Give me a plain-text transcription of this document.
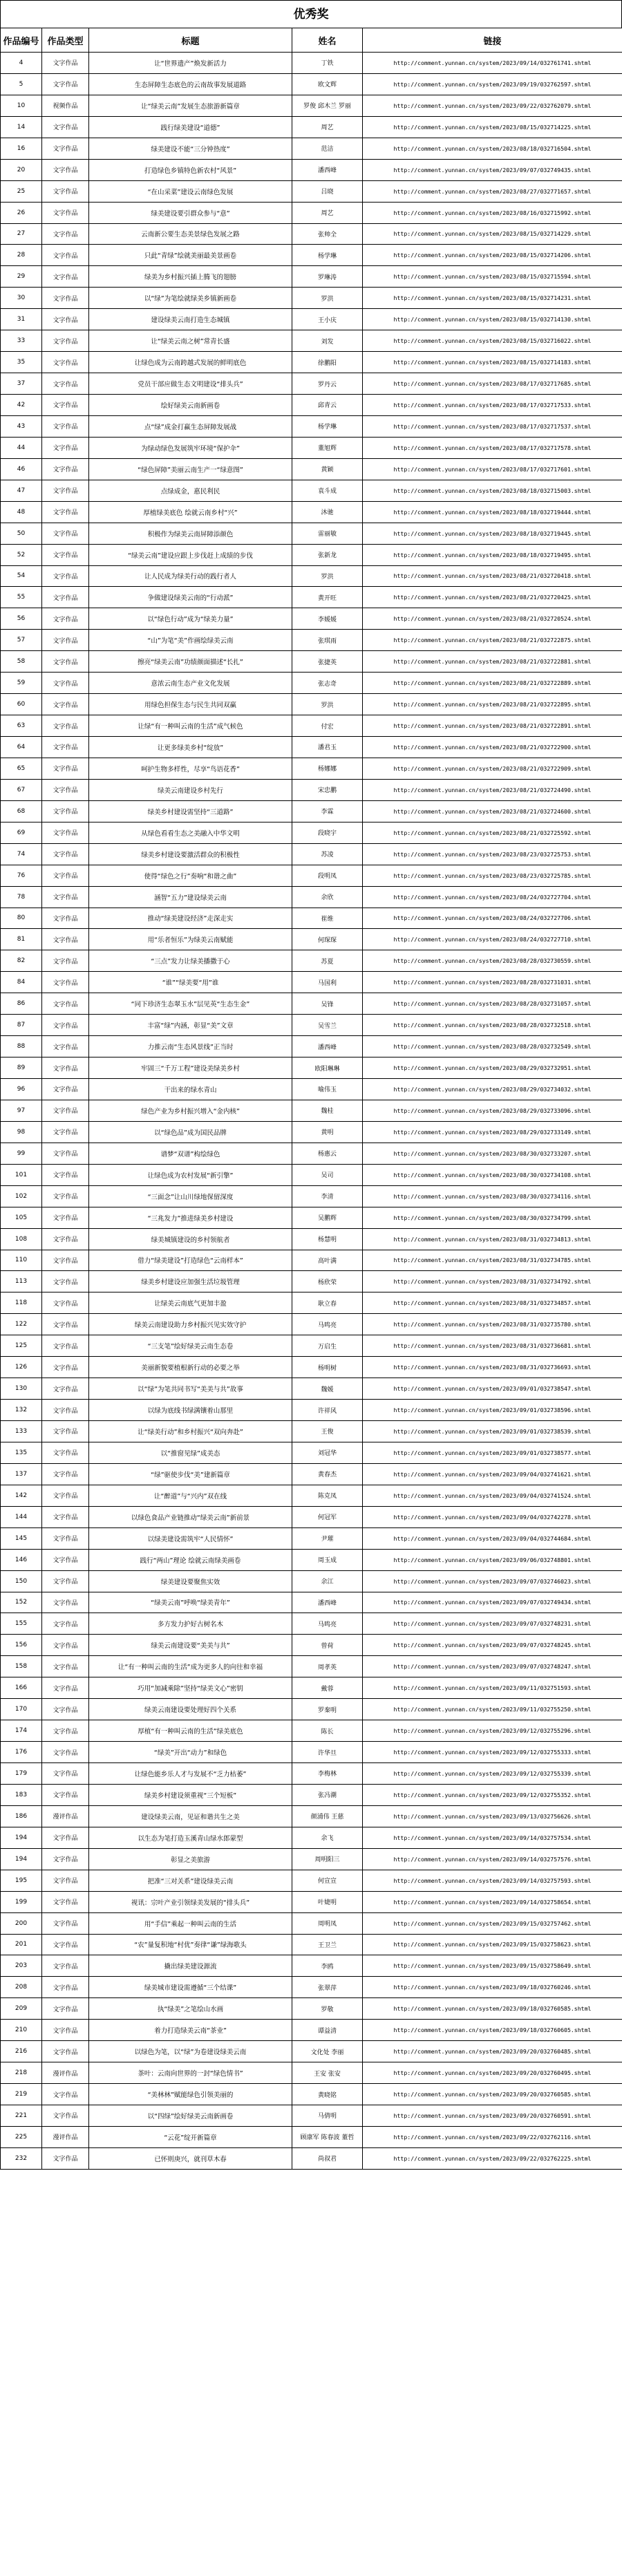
优秀奖
作品编号	作品类型	标题	姓名	链接
4	文字作品	让“世界遗产”焕发新活力	丁铁	http://comment.yunnan.cn/system/2023/09/14/032761741.shtml
5	文字作品	生态屏障生态底色的云南故事发展道路	欧文辉	http://comment.yunnan.cn/system/2023/09/19/032762597.shtml
10	视频作品	让“绿美云南”发展生态旅游新篇章	罗俊 邱木兰 罗丽	http://comment.yunnan.cn/system/2023/09/22/032762079.shtml
14	文字作品	践行绿美建设“道德”	周艺	http://comment.yunnan.cn/system/2023/08/15/032714225.shtml
16	文字作品	绿美建设不能“三分钟热度”	范洁	http://comment.yunnan.cn/system/2023/08/18/032716504.shtml
20	文字作品	打造绿色乡镇特色新农村“风景”	潘西峰	http://comment.yunnan.cn/system/2023/09/07/032749435.shtml
25	文字作品	“在山采菜”建设云南绿色发展	吕晓	http://comment.yunnan.cn/system/2023/08/27/032771657.shtml
26	文字作品	绿美建设要引群众参与“意”	周艺	http://comment.yunnan.cn/system/2023/08/16/032715992.shtml
27	文字作品	云南新公要生态美景绿色发展之路	张帅全	http://comment.yunnan.cn/system/2023/08/15/032714229.shtml
28	文字作品	只此“青绿”绘就美丽最美景画卷	杨学琳	http://comment.yunnan.cn/system/2023/08/15/032714206.shtml
29	文字作品	绿美为乡村振兴插上腾飞的翅膀	罗琳涛	http://comment.yunnan.cn/system/2023/08/15/032715594.shtml
30	文字作品	以“绿”为笔绘就绿美乡镇新画卷	罗洪	http://comment.yunnan.cn/system/2023/08/15/032714231.shtml
31	文字作品	建设绿美云南打造生态城镇	王小庆	http://comment.yunnan.cn/system/2023/08/15/032714130.shtml
33	文字作品	让“绿美云南之树”常青长盛	刘发	http://comment.yunnan.cn/system/2023/08/15/032716022.shtml
35	文字作品	让绿色成为云南跨越式发展的鲜明底色	徐鹏阳	http://comment.yunnan.cn/system/2023/08/15/032714183.shtml
37	文字作品	党员干部应做生态文明建设“排头兵”	罗丹云	http://comment.yunnan.cn/system/2023/08/17/032717685.shtml
42	文字作品	绘好绿美云南新画卷	邱青云	http://comment.yunnan.cn/system/2023/08/17/032717533.shtml
43	文字作品	点“绿”成金打赢生态屏障发展战	杨学琳	http://comment.yunnan.cn/system/2023/08/17/032717537.shtml
44	文字作品	为绿动绿色发展筑牢环境“保护伞”	董旭辉	http://comment.yunnan.cn/system/2023/08/17/032717578.shtml
46	文字作品	“绿色屏障”美丽云南生产一“绿意图”	黄颖	http://comment.yunnan.cn/system/2023/08/17/032717601.shtml
47	文字作品	点绿成金，惠民利民	袁斗成	http://comment.yunnan.cn/system/2023/08/18/032715003.shtml
48	文字作品	厚植绿美底色 绘就云南乡村“兴”	沐驰	http://comment.yunnan.cn/system/2023/08/18/032719444.shtml
50	文字作品	积极作为绿美云南屏障添颜色	雷丽敏	http://comment.yunnan.cn/system/2023/08/18/032719445.shtml
52	文字作品	“绿美云南”建设应跟上步伐赶上成绩的步伐	张新龙	http://comment.yunnan.cn/system/2023/08/18/032719495.shtml
54	文字作品	让人民成为绿美行动的践行者人	罗洪	http://comment.yunnan.cn/system/2023/08/21/032720418.shtml
55	文字作品	争做建设绿美云南的“行动派”	黄开旺	http://comment.yunnan.cn/system/2023/08/21/032720425.shtml
56	文字作品	以“绿色行动”成为“绿美力量”	李媛媛	http://comment.yunnan.cn/system/2023/08/21/032720524.shtml
57	文字作品	“山”为笔“美”作画绘绿美云南	张琪雨	http://comment.yunnan.cn/system/2023/08/21/032722875.shtml
58	文字作品	擦亮“绿美云南”功绩颜面描述“长扎”	张捷英	http://comment.yunnan.cn/system/2023/08/21/032722881.shtml
59	文字作品	意浓云南生态产业文化发展	张志奇	http://comment.yunnan.cn/system/2023/08/21/032722889.shtml
60	文字作品	用绿色担保生态与民生共同双赢	罗洪	http://comment.yunnan.cn/system/2023/08/21/032722895.shtml
63	文字作品	让绿“有一种叫云南的生活”成气候色	付宏	http://comment.yunnan.cn/system/2023/08/21/032722891.shtml
64	文字作品	让更多绿美乡村“绽放”	潘君玉	http://comment.yunnan.cn/system/2023/08/21/032722900.shtml
65	文字作品	呵护生物多样性，尽享“鸟语花香”	杨娜娜	http://comment.yunnan.cn/system/2023/08/21/032722909.shtml
67	文字作品	绿美云南建设乡村先行	宋忠鹏	http://comment.yunnan.cn/system/2023/08/21/032724490.shtml
68	文字作品	绿美乡村建设需坚持“三道路”	李霖	http://comment.yunnan.cn/system/2023/08/21/032724600.shtml
69	文字作品	从绿色看看生态之美融入中华文明	段晓宇	http://comment.yunnan.cn/system/2023/08/21/032725592.shtml
74	文字作品	绿美乡村建设要激活群众的积极性	苏凌	http://comment.yunnan.cn/system/2023/08/23/032725753.shtml
76	文字作品	使得“绿色之行”奏响“和谐之曲”	段明凤	http://comment.yunnan.cn/system/2023/08/23/032725785.shtml
78	文字作品	涵智“五力”建设绿美云南	余欣	http://comment.yunnan.cn/system/2023/08/24/032727704.shtml
80	文字作品	推动“绿美建设经济”走深走实	崔维	http://comment.yunnan.cn/system/2023/08/24/032727706.shtml
81	文字作品	用“乐者恒乐”为绿美云南赋能	何琛琛	http://comment.yunnan.cn/system/2023/08/24/032727710.shtml
82	文字作品	“三点”发力让绿美播撒于心	苏夏	http://comment.yunnan.cn/system/2023/08/28/032730559.shtml
84	文字作品	“谁”“绿美要“用”谁	马国利	http://comment.yunnan.cn/system/2023/08/28/032731031.shtml
86	文字作品	“同下珍济生态翠玉水”层见英“生态生金”	吴锋	http://comment.yunnan.cn/system/2023/08/28/032731057.shtml
87	文字作品	丰富“绿”内涵，彰显“美”文章	吴雪兰	http://comment.yunnan.cn/system/2023/08/28/032732518.shtml
88	文字作品	力推云南“生态风景线”正当时	潘西峰	http://comment.yunnan.cn/system/2023/08/28/032732549.shtml
89	文字作品	牢固三“千万工程”建设美绿美乡村	欧阳琳琳	http://comment.yunnan.cn/system/2023/08/29/032732951.shtml
96	文字作品	干出来的绿水青山	喻伟玉	http://comment.yunnan.cn/system/2023/08/29/032734032.shtml
97	文字作品	绿色产业为乡村振兴增入“金内核”	魏桂	http://comment.yunnan.cn/system/2023/08/29/032733096.shtml
98	文字作品	以“绿色品”成为国民品牌	黄明	http://comment.yunnan.cn/system/2023/08/29/032733149.shtml
99	文字作品	谱梦“双谱”构绘绿色	杨惠云	http://comment.yunnan.cn/system/2023/08/30/032733207.shtml
101	文字作品	让绿色成为农村发展“新引擎”	吴司	http://comment.yunnan.cn/system/2023/08/30/032734108.shtml
102	文字作品	“三面念”让山川绿地保留深度	李清	http://comment.yunnan.cn/system/2023/08/30/032734116.shtml
105	文字作品	“三兆发力”推进绿美乡村建设	吴鹏辉	http://comment.yunnan.cn/system/2023/08/30/032734799.shtml
108	文字作品	绿美城镇建设的乡村领航者	杨慧明	http://comment.yunnan.cn/system/2023/08/31/032734813.shtml
110	文字作品	借力“绿美建设”打造绿色“云南样本”	高叶满	http://comment.yunnan.cn/system/2023/08/31/032734785.shtml
113	文字作品	绿美乡村建设应加强生活垃圾管理	杨欣荣	http://comment.yunnan.cn/system/2023/08/31/032734792.shtml
118	文字作品	让绿美云南底气更加丰盈	耿立春	http://comment.yunnan.cn/system/2023/08/31/032734857.shtml
122	文字作品	绿美云南建设助力乡村振兴见实效守护	马鸣亮	http://comment.yunnan.cn/system/2023/08/31/032735780.shtml
125	文字作品	“三支笔”绘好绿美云南生态卷	万启生	http://comment.yunnan.cn/system/2023/08/31/032736681.shtml
126	文字作品	美丽新貌要植根新行动的必要之举	杨明树	http://comment.yunnan.cn/system/2023/08/31/032736693.shtml
130	文字作品	以“绿”为笔共同书写“美美与共”故事	魏媛	http://comment.yunnan.cn/system/2023/09/01/032738547.shtml
132	文字作品	以绿为底线书绿满镶着山那里	许祥风	http://comment.yunnan.cn/system/2023/09/01/032738596.shtml
133	文字作品	让“绿美行动”和乡村振兴“双向奔赴”	王俊	http://comment.yunnan.cn/system/2023/09/01/032738539.shtml
135	文字作品	以“推窗见绿”成美态	刘冠华	http://comment.yunnan.cn/system/2023/09/01/032738577.shtml
137	文字作品	“绿”驱使步伐“美”建新篇章	黄春杰	http://comment.yunnan.cn/system/2023/09/04/032741621.shtml
142	文字作品	让“醉道”与“兴内”双在线	陈克凤	http://comment.yunnan.cn/system/2023/09/04/032741524.shtml
144	文字作品	以绿色食品产业链推动“绿美云南”新前景	何冠军	http://comment.yunnan.cn/system/2023/09/04/032742278.shtml
145	文字作品	以绿美建设需筑牢“人民情怀”	尹璀	http://comment.yunnan.cn/system/2023/09/04/032744684.shtml
146	文字作品	践行“两山”理论 绘就云南绿美画卷	周玉成	http://comment.yunnan.cn/system/2023/09/06/032748801.shtml
150	文字作品	绿美建设要聚焦实效	余江	http://comment.yunnan.cn/system/2023/09/07/032746023.shtml
152	文字作品	“绿美云南”呼唤“绿美青年”	潘西峰	http://comment.yunnan.cn/system/2023/09/07/032749434.shtml
155	文字作品	多方发力护好古树名木	马鸣亮	http://comment.yunnan.cn/system/2023/09/07/032748231.shtml
156	文字作品	绿美云南建设要“美美与共”	曾荷	http://comment.yunnan.cn/system/2023/09/07/032748245.shtml
158	文字作品	让“有一种叫云南的生活”成为更多人的向往和幸福	周孝英	http://comment.yunnan.cn/system/2023/09/07/032748247.shtml
166	文字作品	巧用“加减乘除”坚持“绿美文心”密钥	戴蓉	http://comment.yunnan.cn/system/2023/09/11/032751593.shtml
170	文字作品	绿美云南建设要处理好四个关系	罗秦明	http://comment.yunnan.cn/system/2023/09/11/032755250.shtml
174	文字作品	厚植“有一种叫云南的生活”绿美底色	陈长	http://comment.yunnan.cn/system/2023/09/12/032755296.shtml
176	文字作品	“绿美”开出“动力”和绿色	许华旦	http://comment.yunnan.cn/system/2023/09/12/032755333.shtml
179	文字作品	让绿色能乡乐人才与发展不“乏力枯萎”	李梅林	http://comment.yunnan.cn/system/2023/09/12/032755339.shtml
183	文字作品	绿美乡村建设须重视“三个短板”	张冯潮	http://comment.yunnan.cn/system/2023/09/12/032755352.shtml
186	漫评作品	建设绿美云南，见证和谐共生之美	颜浦伟 王慈	http://comment.yunnan.cn/system/2023/09/13/032756626.shtml
194	文字作品	以生态为笔打造玉溪青山绿水郎蒙型	余飞	http://comment.yunnan.cn/system/2023/09/14/032757534.shtml
194	文字作品	彰显之美旅游	周明阳三	http://comment.yunnan.cn/system/2023/09/14/032757576.shtml
195	文字作品	把准“三对关系”建设绿美云南	何宣宣	http://comment.yunnan.cn/system/2023/09/14/032757593.shtml
199	文字作品	视讯：宗叶产业引领绿美发展的“排头兵”	叶婕明	http://comment.yunnan.cn/system/2023/09/14/032758654.shtml
200	文字作品	用“手信”乘起一种叫云南的生活	周明凤	http://comment.yunnan.cn/system/2023/09/15/032757462.shtml
201	文字作品	“农”量复积地“村优”奏律“谦”绿海歌头	王卫兰	http://comment.yunnan.cn/system/2023/09/15/032758623.shtml
203	文字作品	撬出绿美建设源流	李鸥	http://comment.yunnan.cn/system/2023/09/15/032758649.shtml
208	文字作品	绿美城市建设需遵循“三个结课”	张翠萍	http://comment.yunnan.cn/system/2023/09/18/032760246.shtml
209	文字作品	执“绿美”之笔绘山水画	罗敬	http://comment.yunnan.cn/system/2023/09/18/032760585.shtml
210	文字作品	着力打造绿美云南“茶业”	谭益清	http://comment.yunnan.cn/system/2023/09/18/032760605.shtml
216	文字作品	以绿色为笔，以“绿”为卷建设绿美云南	文化处 李丽	http://comment.yunnan.cn/system/2023/09/20/032760485.shtml
218	漫评作品	茶叶：云南向世界的一封“绿色情书”	王安 张安	http://comment.yunnan.cn/system/2023/09/20/032760495.shtml
219	文字作品	“美林林”赋能绿色引领美丽的	黄晓铭	http://comment.yunnan.cn/system/2023/09/20/032760585.shtml
221	文字作品	以“四绿”绘好绿美云南新画卷	马倩明	http://comment.yunnan.cn/system/2023/09/20/032760591.shtml
225	漫评作品	“云花”绽开新篇章	顾康军 陈春波 董哲	http://comment.yunnan.cn/system/2023/09/22/032762116.shtml
232	文字作品	已怀则庚兴，就刊草木春	尚叔君	http://comment.yunnan.cn/system/2023/09/22/032762225.shtml
